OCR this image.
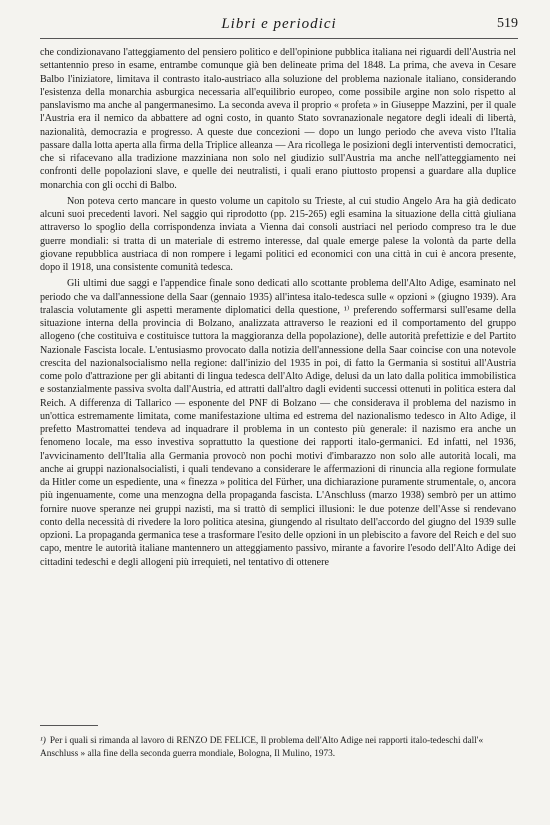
Libri e periodici	519

che condizionavano l'atteggiamento del pensiero politico e dell'opinione pubblica italiana nei riguardi dell'Austria nel settantennio preso in esame, entrambe comunque già ben delineate prima del 1848. La prima, che aveva in Cesare Balbo l'iniziatore, limitava il contrasto italo-austriaco alla soluzione del problema nazionale italiano, considerando l'esistenza della monarchia asburgica necessaria all'equilibrio europeo, come possibile argine non solo rispetto al panslavismo ma anche al pangermanesimo. La seconda aveva il proprio « profeta » in Giuseppe Mazzini, per il quale l'Austria era il nemico da abbattere ad ogni costo, in quanto Stato sovranazionale negatore degli ideali di libertà, nazionalità, democrazia e progresso. A queste due concezioni — dopo un lungo periodo che aveva visto l'Italia passare dalla lotta aperta alla firma della Triplice alleanza — Ara ricollega le posizioni degli interventisti democratici, che si rifacevano alla tradizione mazziniana non solo nel giudizio sull'Austria ma anche nell'atteggiamento nei confronti delle popolazioni slave, e quelle dei neutralisti, i quali erano piuttosto propensi a guardare alla duplice monarchia con gli occhi di Balbo.

Non poteva certo mancare in questo volume un capitolo su Trieste, al cui studio Angelo Ara ha già dedicato alcuni suoi precedenti lavori. Nel saggio qui riprodotto (pp. 215-265) egli esamina la situazione della città giuliana attraverso lo spoglio della corrispondenza inviata a Vienna dai consoli austriaci nel periodo compreso tra le due guerre mondiali: si tratta di un materiale di estremo interesse, dal quale emerge palese la volontà da parte della giovane repubblica austriaca di non rompere i legami politici ed economici con una città in cui è ancora presente, dopo il 1918, una consistente comunità tedesca.

Gli ultimi due saggi e l'appendice finale sono dedicati allo scottante problema dell'Alto Adige, esaminato nel periodo che va dall'annessione della Saar (gennaio 1935) all'intesa italo-tedesca sulle « opzioni » (giugno 1939). Ara tralascia volutamente gli aspetti meramente diplomatici della questione, ¹⁾ preferendo soffermarsi sull'esame della situazione interna della provincia di Bolzano, analizzata attraverso le reazioni ed il comportamento del gruppo allogeno (che costituiva e costituisce tuttora la maggioranza della popolazione), delle autorità prefettizie e del Partito Nazionale Fascista locale. L'entusiasmo provocato dalla notizia dell'annessione della Saar coincise con una notevole crescita del nazionalsocialismo nella regione: dall'inizio del 1935 in poi, di fatto la Germania si sostituì all'Austria come polo d'attrazione per gli abitanti di lingua tedesca dell'Alto Adige, delusi da un lato dalla politica immobilistica e sostanzialmente passiva svolta dall'Austria, ed attratti dall'altro dagli evidenti successi ottenuti in politica estera dal Reich. A differenza di Tallarico — esponente del PNF di Bolzano — che considerava il problema del nazismo in un'ottica estremamente limitata, come manifestazione ultima ed estrema del nazionalismo tedesco in Alto Adige, il prefetto Mastromattei tendeva ad inquadrare il problema in un contesto più generale: il nazismo era anche un fenomeno locale, ma esso investiva soprattutto la questione dei rapporti italo-germanici. Ed infatti, nel 1936, l'avvicinamento dell'Italia alla Germania provocò non pochi motivi d'imbarazzo non solo alle autorità locali, ma anche ai gruppi nazionalsocialisti, i quali tendevano a considerare le affermazioni di rinuncia alla regione formulate da Hitler come un espediente, una « finezza » politica del Fürher, una dichiarazione puramente strumentale, o, ancora più ingenuamente, come una menzogna della propaganda fascista. L'Anschluss (marzo 1938) sembrò per un attimo fornire nuove speranze nei gruppi nazisti, ma si trattò di semplici illusioni: le due potenze dell'Asse si rendevano conto della necessità di rivedere la loro politica atesina, giungendo al risultato dell'accordo del giugno del 1939 sulle opzioni. La propaganda germanica tese a trasformare l'esito delle opzioni in un plebiscito a favore del Reich e del suo capo, mentre le autorità italiane mantennero un atteggiamento passivo, mirante a favorire l'esodo dell'Alto Adige dei cittadini tedeschi e degli allogeni più irrequieti, nel tentativo di ottenere

¹) Per i quali si rimanda al lavoro di RENZO DE FELICE, Il problema dell'Alto Adige nei rapporti italo-tedeschi dall'« Anschluss » alla fine della seconda guerra mondiale, Bologna, Il Mulino, 1973.
